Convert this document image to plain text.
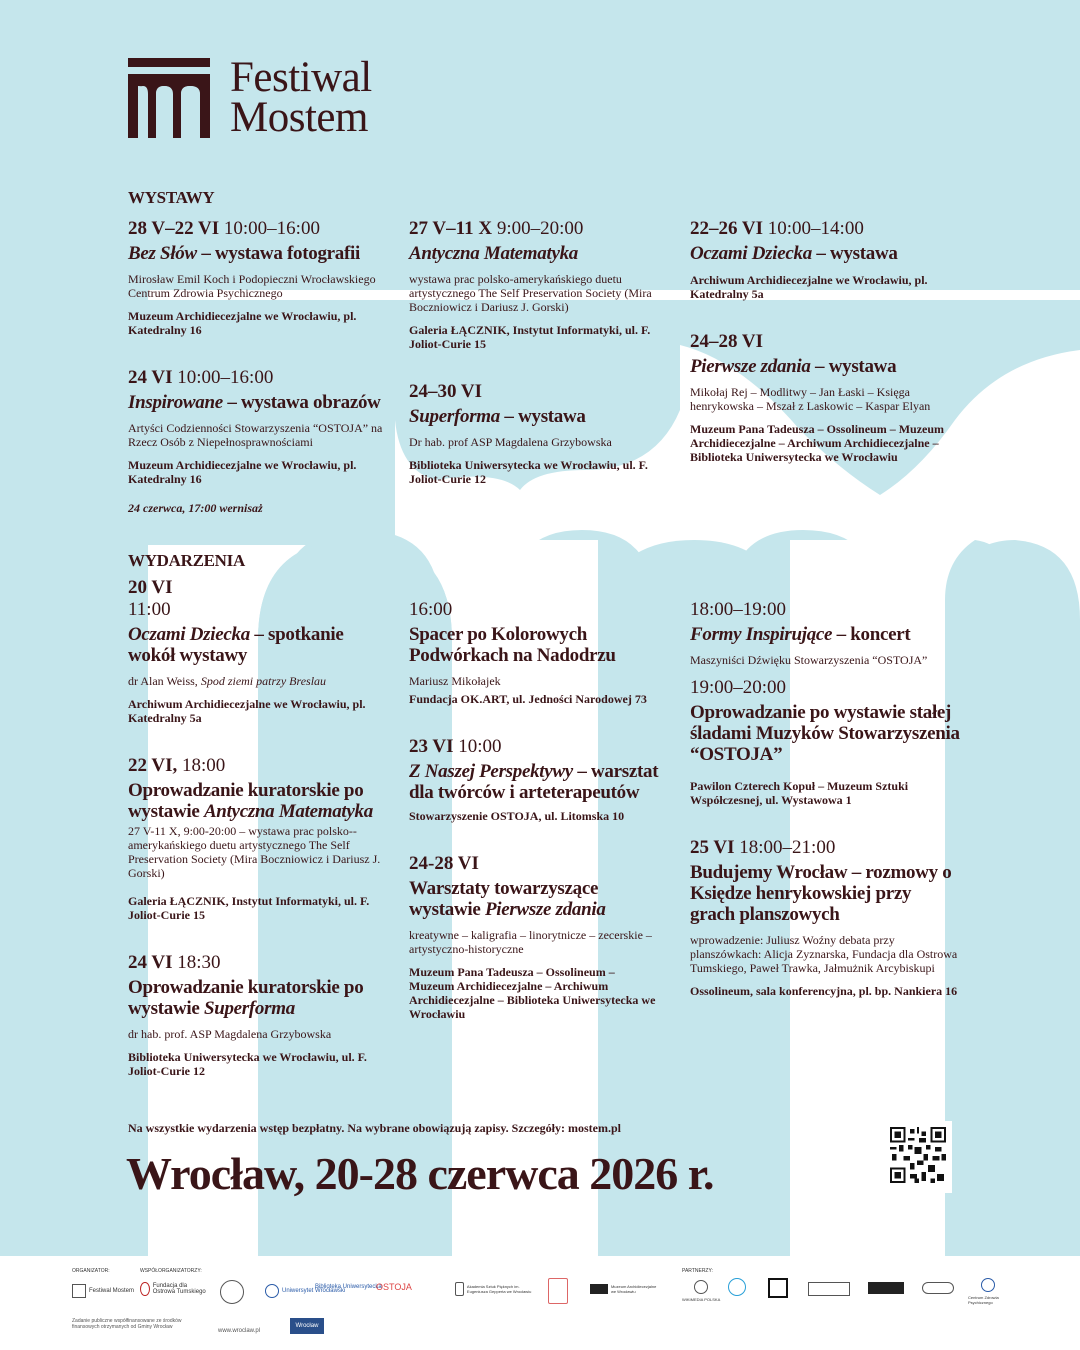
Festiwal
Mostem
WYSTAWY
28 V–22 VI 10:00–16:00
Bez Słów – wystawa fotografii
Mirosław Emil Koch i Podopieczni Wrocławskiego Centrum Zdrowia Psychicznego
Muzeum Archidiecezjalne we Wrocławiu, pl. Katedralny 16
24 VI 10:00–16:00
Inspirowane – wystawa obrazów
Artyści Codzienności Stowarzyszenia “OSTOJA” na Rzecz Osób z Niepełnosprawnościami
Muzeum Archidiecezjalne we Wrocławiu, pl. Katedralny 16
24 czerwca, 17:00 wernisaż
27 V–11 X 9:00–20:00
Antyczna Matematyka
wystawa prac polsko-amerykańskiego duetu artystycznego The Self Preservation Society (Mira Boczniowicz i Dariusz J. Gorski)
Galeria ŁĄCZNIK, Instytut Informatyki, ul. F. Joliot-Curie 15
24–30 VI
Superforma – wystawa
Dr hab. prof ASP Magdalena Grzybowska
Biblioteka Uniwersytecka we Wrocławiu, ul. F. Joliot-Curie 12
22–26 VI 10:00–14:00
Oczami Dziecka – wystawa
Archiwum Archidiecezjalne we Wrocławiu, pl. Katedralny 5a
24–28 VI
Pierwsze zdania – wystawa
Mikołaj Rej – Modlitwy – Jan Łaski – Księga henrykowska – Mszał z Laskowic – Kaspar Elyan
Muzeum Pana Tadeusza – Ossolineum – Muzeum Archidiecezjalne – Archiwum Archidiecezjalne – Biblioteka Uniwersytecka we Wrocławiu
WYDARZENIA
20 VI
11:00
Oczami Dziecka – spotkanie wokół wystawy
dr Alan Weiss, Spod ziemi patrzy Breslau
Archiwum Archidiecezjalne we Wrocławiu, pl. Katedralny 5a
22 VI, 18:00
Oprowadzanie kuratorskie po wystawie Antyczna Matematyka
27 V-11 X, 9:00-20:00 – wystawa prac polsko--amerykańskiego duetu artystycznego The Self Preservation Society (Mira Boczniowicz i Dariusz J. Gorski)
Galeria ŁĄCZNIK, Instytut Informatyki, ul. F. Joliot-Curie 15
24 VI 18:30
Oprowadzanie kuratorskie po wystawie Superforma
dr hab. prof. ASP Magdalena Grzybowska
Biblioteka Uniwersytecka we Wrocławiu, ul. F. Joliot-Curie 12
16:00
Spacer po Kolorowych Podwórkach na Nadodrzu
Mariusz Mikołajek
Fundacja OK.ART, ul. Jedności Narodowej 73
23 VI 10:00
Z Naszej Perspektywy – warsztat dla twórców i arteterapeutów
Stowarzyszenie OSTOJA, ul. Litomska 10
24-28 VI
Warsztaty towarzyszące wystawie Pierwsze zdania
kreatywne – kaligrafia – linorytnicze – zecerskie – artystyczno-historyczne
Muzeum Pana Tadeusza – Ossolineum – Muzeum Archidiecezjalne – Archiwum Archidiecezjalne – Biblioteka Uniwersytecka we Wrocławiu
18:00–19:00
Formy Inspirujące – koncert
Maszyniści Dźwięku Stowarzyszenia “OSTOJA”
19:00–20:00
Oprowadzanie po wystawie stałej śladami Muzyków Stowarzyszenia “OSTOJA”
Pawilon Czterech Kopuł – Muzeum Sztuki Współczesnej, ul. Wystawowa 1
25 VI 18:00–21:00
Budujemy Wrocław – rozmowy o Księdze henrykowskiej przy grach planszowych
wprowadzenie: Juliusz Woźny debata przy planszówkach: Alicja Zyznarska, Fundacja dla Ostrowa Tumskiego, Paweł Trawka, Jałmużnik Arcybiskupi
Ossolineum, sala konferencyjna, pl. bp. Nankiera 16
Na wszystkie wydarzenia wstęp bezpłatny. Na wybrane obowiązują zapisy. Szczegóły: mostem.pl
Wrocław, 20-28 czerwca 2026 r.
ORGANIZATOR:	WSPÓŁORGANIZATORZY:	PARTNERZY:
Festiwal Mostem
Fundacja dla Ostrowa Tumskiego	Uniwersytet Wrocławski
Biblioteka Uniwersytecka
OSTOJA	Akademia Sztuk Pięknych im. Eugeniusza Gepperta we Wrocławiu
Muzeum Archidiecezjalne we Wrocławiu
WIKIMEDIA POLSKA	Centrum Zdrowia Psychicznego
Zadanie publiczne współfinansowane ze środków finansowych otrzymanych od Gminy Wrocław
www.wroclaw.pl
Wrocław
